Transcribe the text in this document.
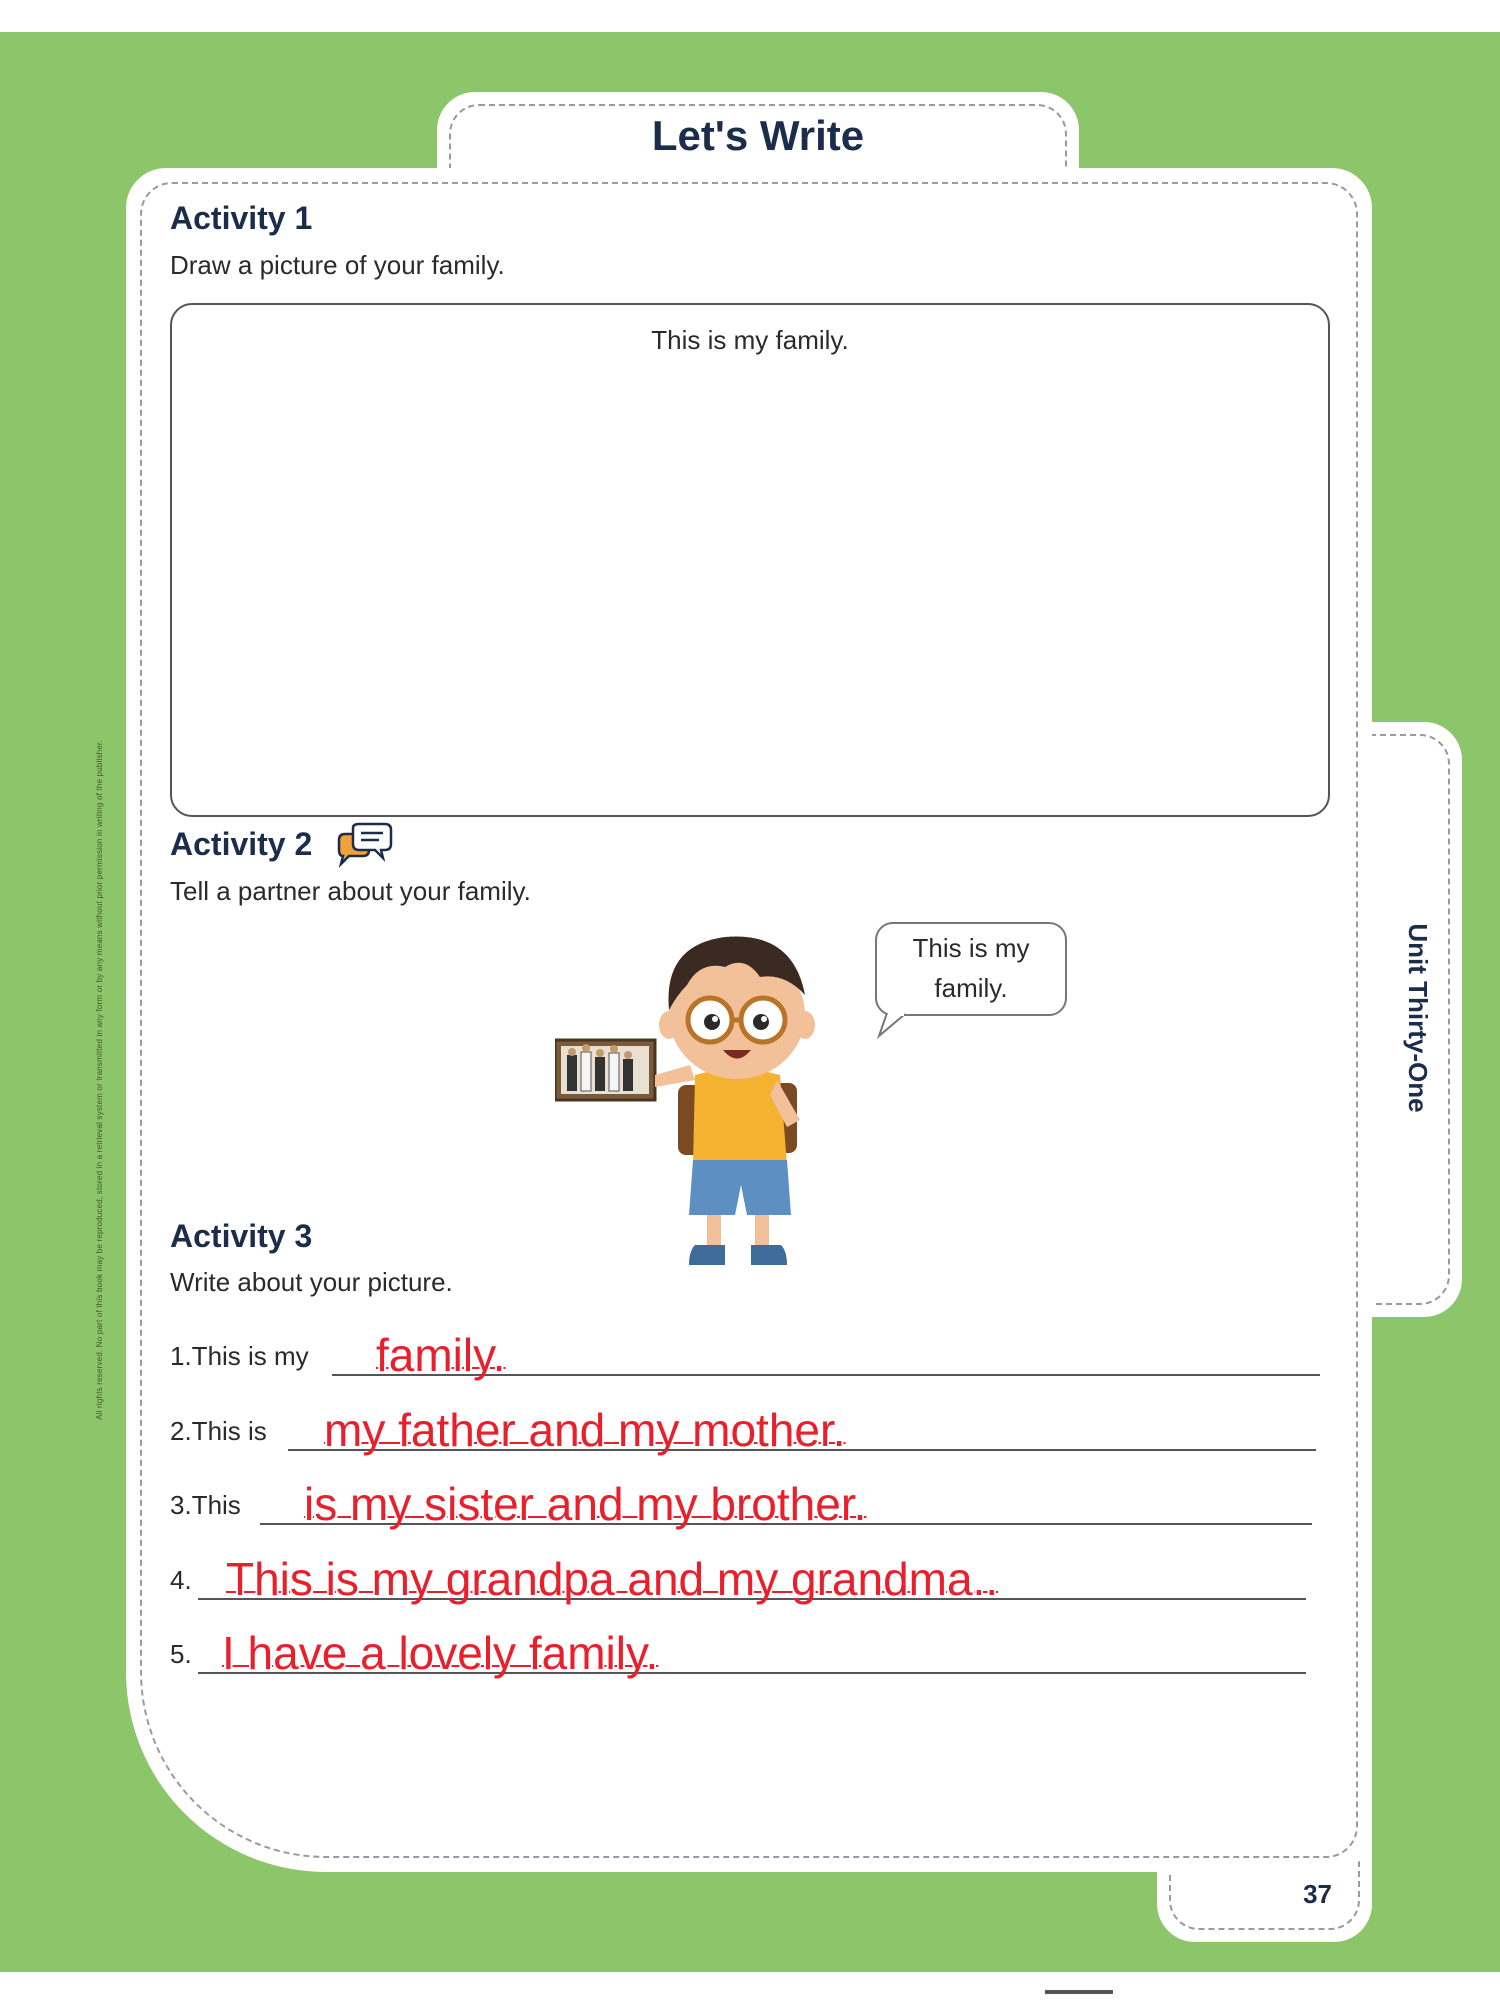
All rights reserved. No part of this book may be reproduced, stored in a retrieval system or transmitted in any form or by any means without prior permission in writing of the publisher.
Let's Write
Unit Thirty-One
37
Activity 1
Draw a picture of your family.
This is my family.
Activity 2
Tell a partner about your family.
This is my
family.
Activity 3
Write about your picture.
1.This is my family.
2.This is my father and my mother.
3.This is my sister and my brother.
4. This is my grandpa and my grandma..
5. I have a lovely family.
